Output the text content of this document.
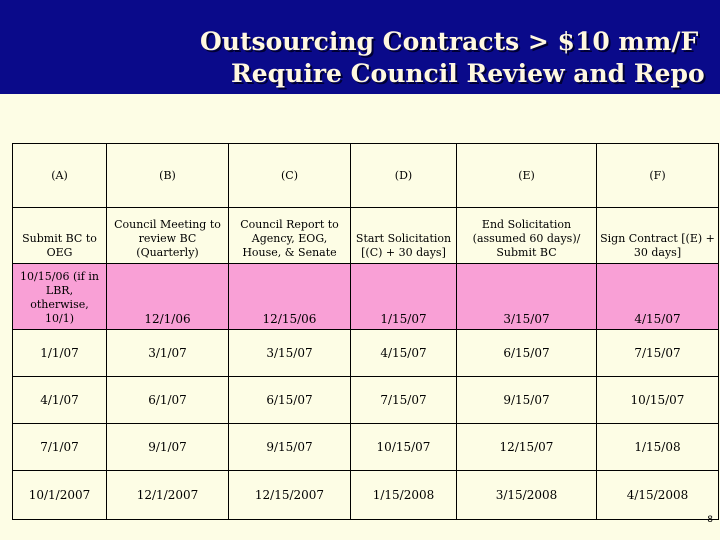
Outsourcing Contracts > $10 mm/F
Require Council Review and Repo
(A)	(B)	(C)	(D)	(E)	(F)
Submit BC to OEG	Council Meeting to review BC (Quarterly)	Council Report to Agency, EOG, House, & Senate	Start Solicitation [(C) + 30 days]	End Solicitation (assumed 60 days)/ Submit BC	Sign Contract [(E) + 30 days]
10/15/06 (if in LBR, otherwise, 10/1)	12/1/06	12/15/06	1/15/07	3/15/07	4/15/07
1/1/07	3/1/07	3/15/07	4/15/07	6/15/07	7/15/07
4/1/07	6/1/07	6/15/07	7/15/07	9/15/07	10/15/07
7/1/07	9/1/07	9/15/07	10/15/07	12/15/07	1/15/08
10/1/2007	12/1/2007	12/15/2007	1/15/2008	3/15/2008	4/15/2008
8
